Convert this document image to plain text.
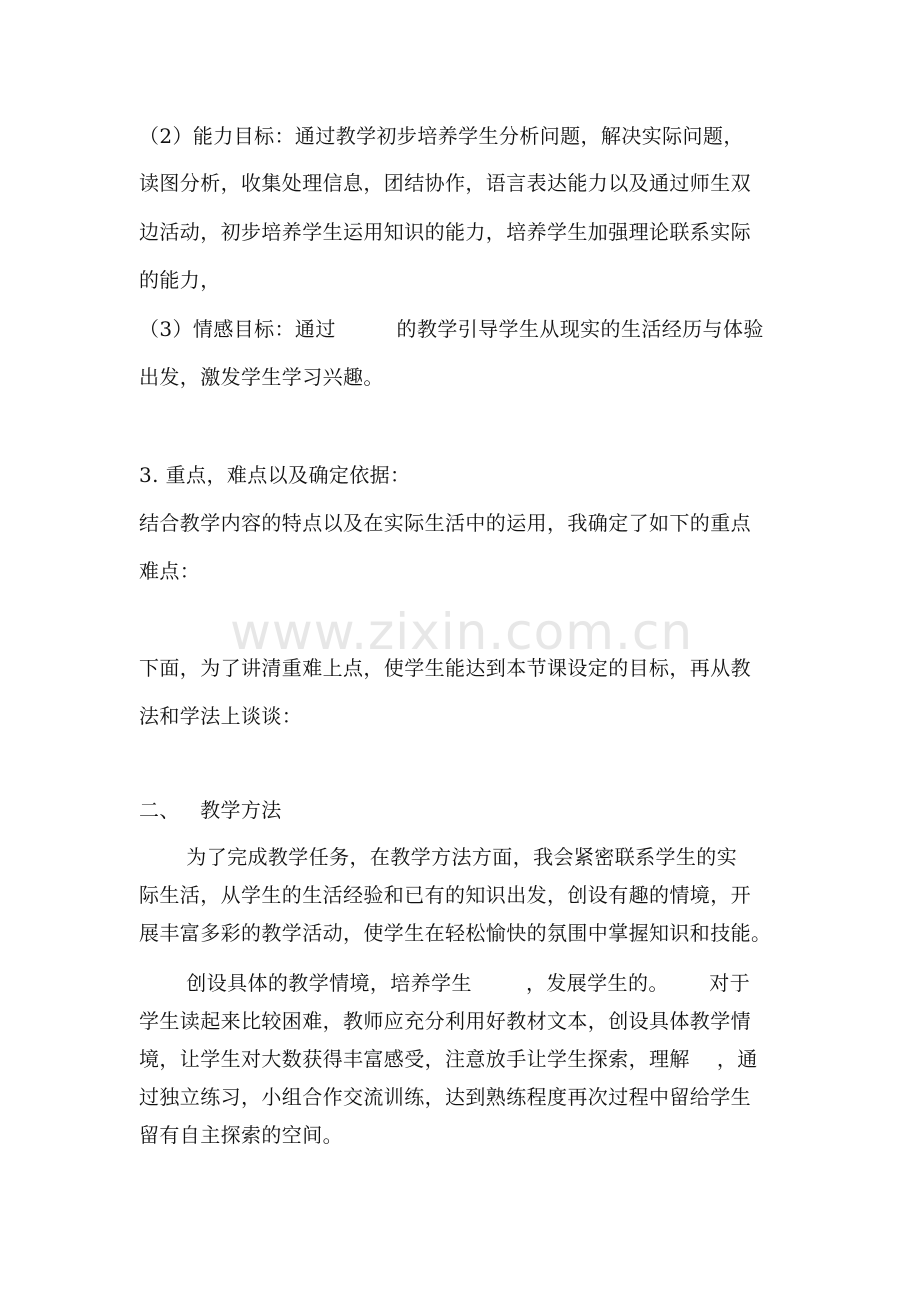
www.zixin.com.cn
（2）能力目标：通过教学初步培养学生分析问题，解决实际问题，
读图分析，收集处理信息，团结协作，语言表达能力以及通过师生双
边活动，初步培养学生运用知识的能力，培养学生加强理论联系实际
的能力，
（3）情感目标：通过         的教学引导学生从现实的生活经历与体验
出发，激发学生学习兴趣。
3. 重点，难点以及确定依据：
结合教学内容的特点以及在实际生活中的运用，我确定了如下的重点
难点：
下面，为了讲清重难上点，使学生能达到本节课设定的目标，再从教
法和学法上谈谈：
二、   教学方法
为了完成教学任务，在教学方法方面，我会紧密联系学生的实
际生活，从学生的生活经验和已有的知识出发，创设有趣的情境，开
展丰富多彩的教学活动，使学生在轻松愉快的氛围中掌握知识和技能。
创设具体的教学情境，培养学生        ，发展学生的。      对于
学生读起来比较困难，教师应充分利用好教材文本，创设具体教学情
境，让学生对大数获得丰富感受，注意放手让学生探索，理解    ，通
过独立练习，小组合作交流训练，达到熟练程度再次过程中留给学生
留有自主探索的空间。
